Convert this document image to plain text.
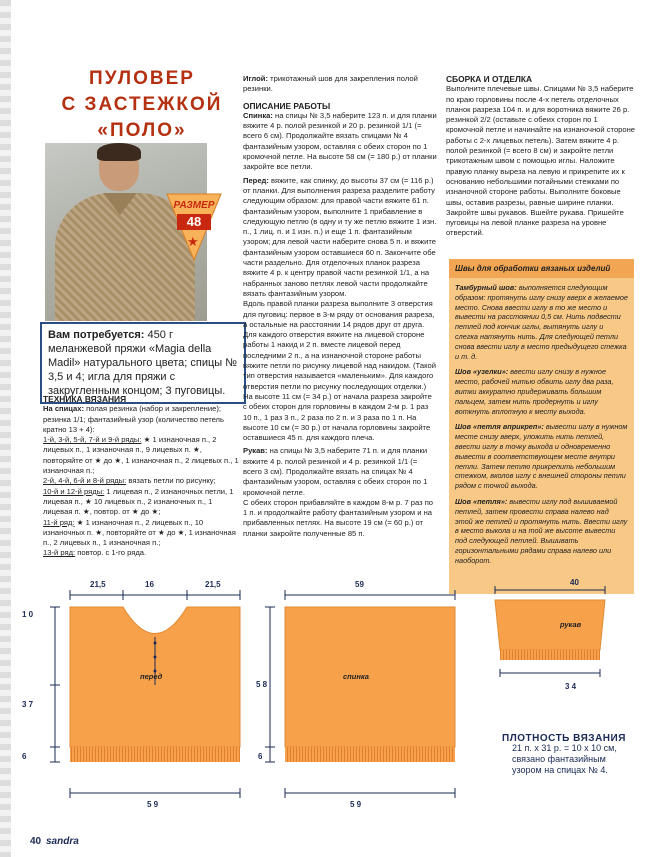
ПУЛОВЕР
С ЗАСТЕЖКОЙ
«ПОЛО»
РАЗМЕР
48
★
Вам потребуется: 450 г меланжевой пряжи «Magia della Madil» натурального цвета; спицы № 3,5 и 4; игла для пряжи с закругленным концом; 3 пуговицы.
ТЕХНИКА ВЯЗАНИЯ

На спицах: полая резинка (набор и закрепление); резинка 1/1; фантазийный узор (количество петель кратно 13 + 4):

1-й, 3-й, 5-й, 7-й и 9-й ряды: ★ 1 изнаночная п., 2 лицевых п., 1 изнаночная п., 9 лицевых п. ★, повторяйте от ★ до ★, 1 изнаночная п., 2 лицевых п., 1 изнаночная п.;

2-й, 4-й, 6-й и 8-й ряды: вязать петли по рисунку;

10-й и 12-й ряды: 1 лицевая п., 2 изнаночных петли, 1 лицевая п., ★ 10 лицевых п., 2 изнаночных п., 1 лицевая п. ★, повтор. от ★ до ★;

11-й ряд: ★ 1 изнаночная п., 2 лицевых п., 10 изнаночных п. ★, повторяйте от ★ до ★, 1 изнаночная п., 2 лицевых п., 1 изнаночная п.;

13-й ряд: повтор. с 1-го ряда.

Иглой: трикотажный шов для закрепления полой резинки.

ОПИСАНИЕ РАБОТЫ

Спинка: на спицы № 3,5 наберите 123 п. и для планки вяжите 4 р. полой резинкой и 20 р. резинкой 1/1 (= всего 6 см). Продолжайте вязать спицами № 4 фантазийным узором, оставляя с обеих сторон по 1 кромочной петле. На высоте 58 см (= 180 р.) от планки закройте все петли.

Перед: вяжите, как спинку, до высоты 37 см (= 116 р.) от планки. Для выполнения разреза разделите работу следующим образом: для правой части вяжите 61 п. фантазийным узором, выполните 1 прибавление в следующую петлю (в одну и ту же петлю вяжите 1 изн. п., 1 лиц. п. и 1 изн. п.) и еще 1 п. фантазийным узором; для левой части наберите снова 5 п. и вяжите фантазийным узором оставшиеся 60 п. Закончите обе части раздельно. Для отделочных планок разреза вяжите 4 р. к центру правой части резинкой 1/1, а на набранных заново петлях левой части продолжайте вязать фантазийным узором.

Вдоль правой планки разреза выполните 3 отверстия для пуговиц: первое в 3-м ряду от основания разреза, а остальные на расстоянии 14 рядов друг от друга. Для каждого отверстия вяжите на лицевой стороне работы 1 накид и 2 п. вместе лицевой перед последними 2 п., а на изнаночной стороне работы вяжите петли по рисунку лицевой над накидом. (Такой тип отверстия называется «маленьким». Для каждого отверстия петли по рисунку последующих отделки.)

На высоте 11 см (= 34 р.) от начала разреза закройте с обеих сторон для горловины в каждом 2-м р. 1 раз 10 п., 1 раз 3 п., 2 раза по 2 п. и 3 раза по 1 п. На высоте 10 см (= 30 р.) от начала горловины закройте оставшиеся 45 п. для каждого плеча.

Рукав: на спицы № 3,5 наберите 71 п. и для планки вяжите 4 р. полой резинкой и 4 р. резинкой 1/1 (= всего 3 см). Продолжайте вязать на спицах № 4 фантазийным узором, оставляя с обеих сторон по 1 кромочной петле.

С обеих сторон прибавляйте в каждом 8-м р. 7 раз по 1 п. и продолжайте работу фантазийным узором и на прибавленных петлях. На высоте 19 см (= 60 р.) от планки закройте полученные 85 п.

СБОРКА И ОТДЕЛКА

Выполните плечевые швы. Спицами № 3,5 наберите по краю горловины после 4-х петель отделочных планок разреза 104 п. и для воротника вяжите 26 р. резинкой 2/2 (оставьте с обеих сторон по 1 кромочной петле и начинайте на изнаночной стороне работы с 2-х лицевых петель). Затем вяжите 4 р. полой резинкой (= всего 8 см) и закройте петли трикотажным швом с помощью иглы. Наложите правую планку выреза на левую и прикрепите их к основанию небольшими потайными стежками по изнаночной стороне работы. Выполните боковые швы, оставив разрезы, равные ширине планки. Закройте швы рукавов. Вшейте рукава. Пришейте пуговицы на левой планке разреза на уровне отверстий.

Швы для обработки вязаных изделий

Тамбурный шов: выполняется следующим образом: протянуть иглу снизу вверх в желаемое место. Снова ввести иглу в то же место и вывести на расстоянии 0,5 см. Нить подвести петлей под кончик иглы, вытянуть иглу и слегка натянуть нить. Для следующей петли снова ввести иглу в место предыдущего стежка и т. д.

Шов «узелки»: ввести иглу снизу в нужное место, рабочей нитью обвить иглу два раза, витки аккуратно придерживать большим пальцем, затем нить продернуть и иглу воткнуть вплотную к месту выхода.

Шов «петля вприкреп»: вывести иглу в нужном месте снизу вверх, уложить нить петлей, ввести иглу в точку выхода и одновременно вывести в соответствующем месте внутри петли. Затем петлю прикрепить небольшим стежком, вколов иглу с внешней стороны петли рядом с точкой выхода.

Шов «петля»: вывести иглу под вышиваемой петлей, затем провести справа налево над этой же петлей и протянуть нить. Ввести иглу в место выкола и на той же высоте вывести под следующей петлей. Вышивать горизонтальными рядами справа налево или наоборот.

21,5	16	21,5
перед
1 0
3 7
6
5 9
59
спинка
5 8
6
5 9
40
рукав
3 4
ПЛОТНОСТЬ ВЯЗАНИЯ
21 п. х 31 р. = 10 х 10 см, связано фантазийным узором на спицах № 4.
40 sandra
